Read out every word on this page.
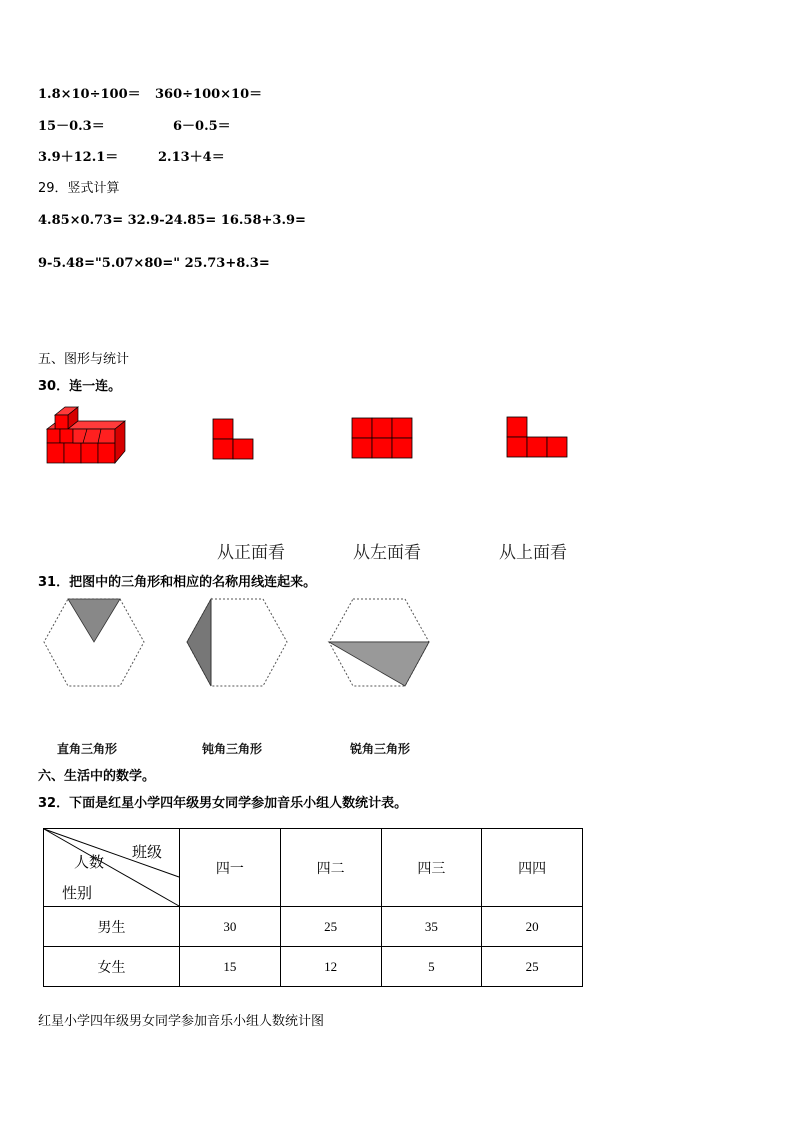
1.8×10÷100＝ 360÷100×10＝
15－0.3＝	6－0.5＝
3.9＋12.1＝	2.13＋4＝
29．竖式计算
4.85×0.73= 32.9-24.85= 16.58+3.9=
9-5.48="5.07×80=" 25.73+8.3=
五、图形与统计
30．连一连。
从正面看	从左面看	从上面看
31．把图中的三角形和相应的名称用线连起来。
直角三角形	钝角三角形	锐角三角形
六、生活中的数学。
32．下面是红星小学四年级男女同学参加音乐小组人数统计表。
班级
人数
性别	四一	四二	四三	四四
男生	30	25	35	20
女生	15	12	5	25
红星小学四年级男女同学参加音乐小组人数统计图
